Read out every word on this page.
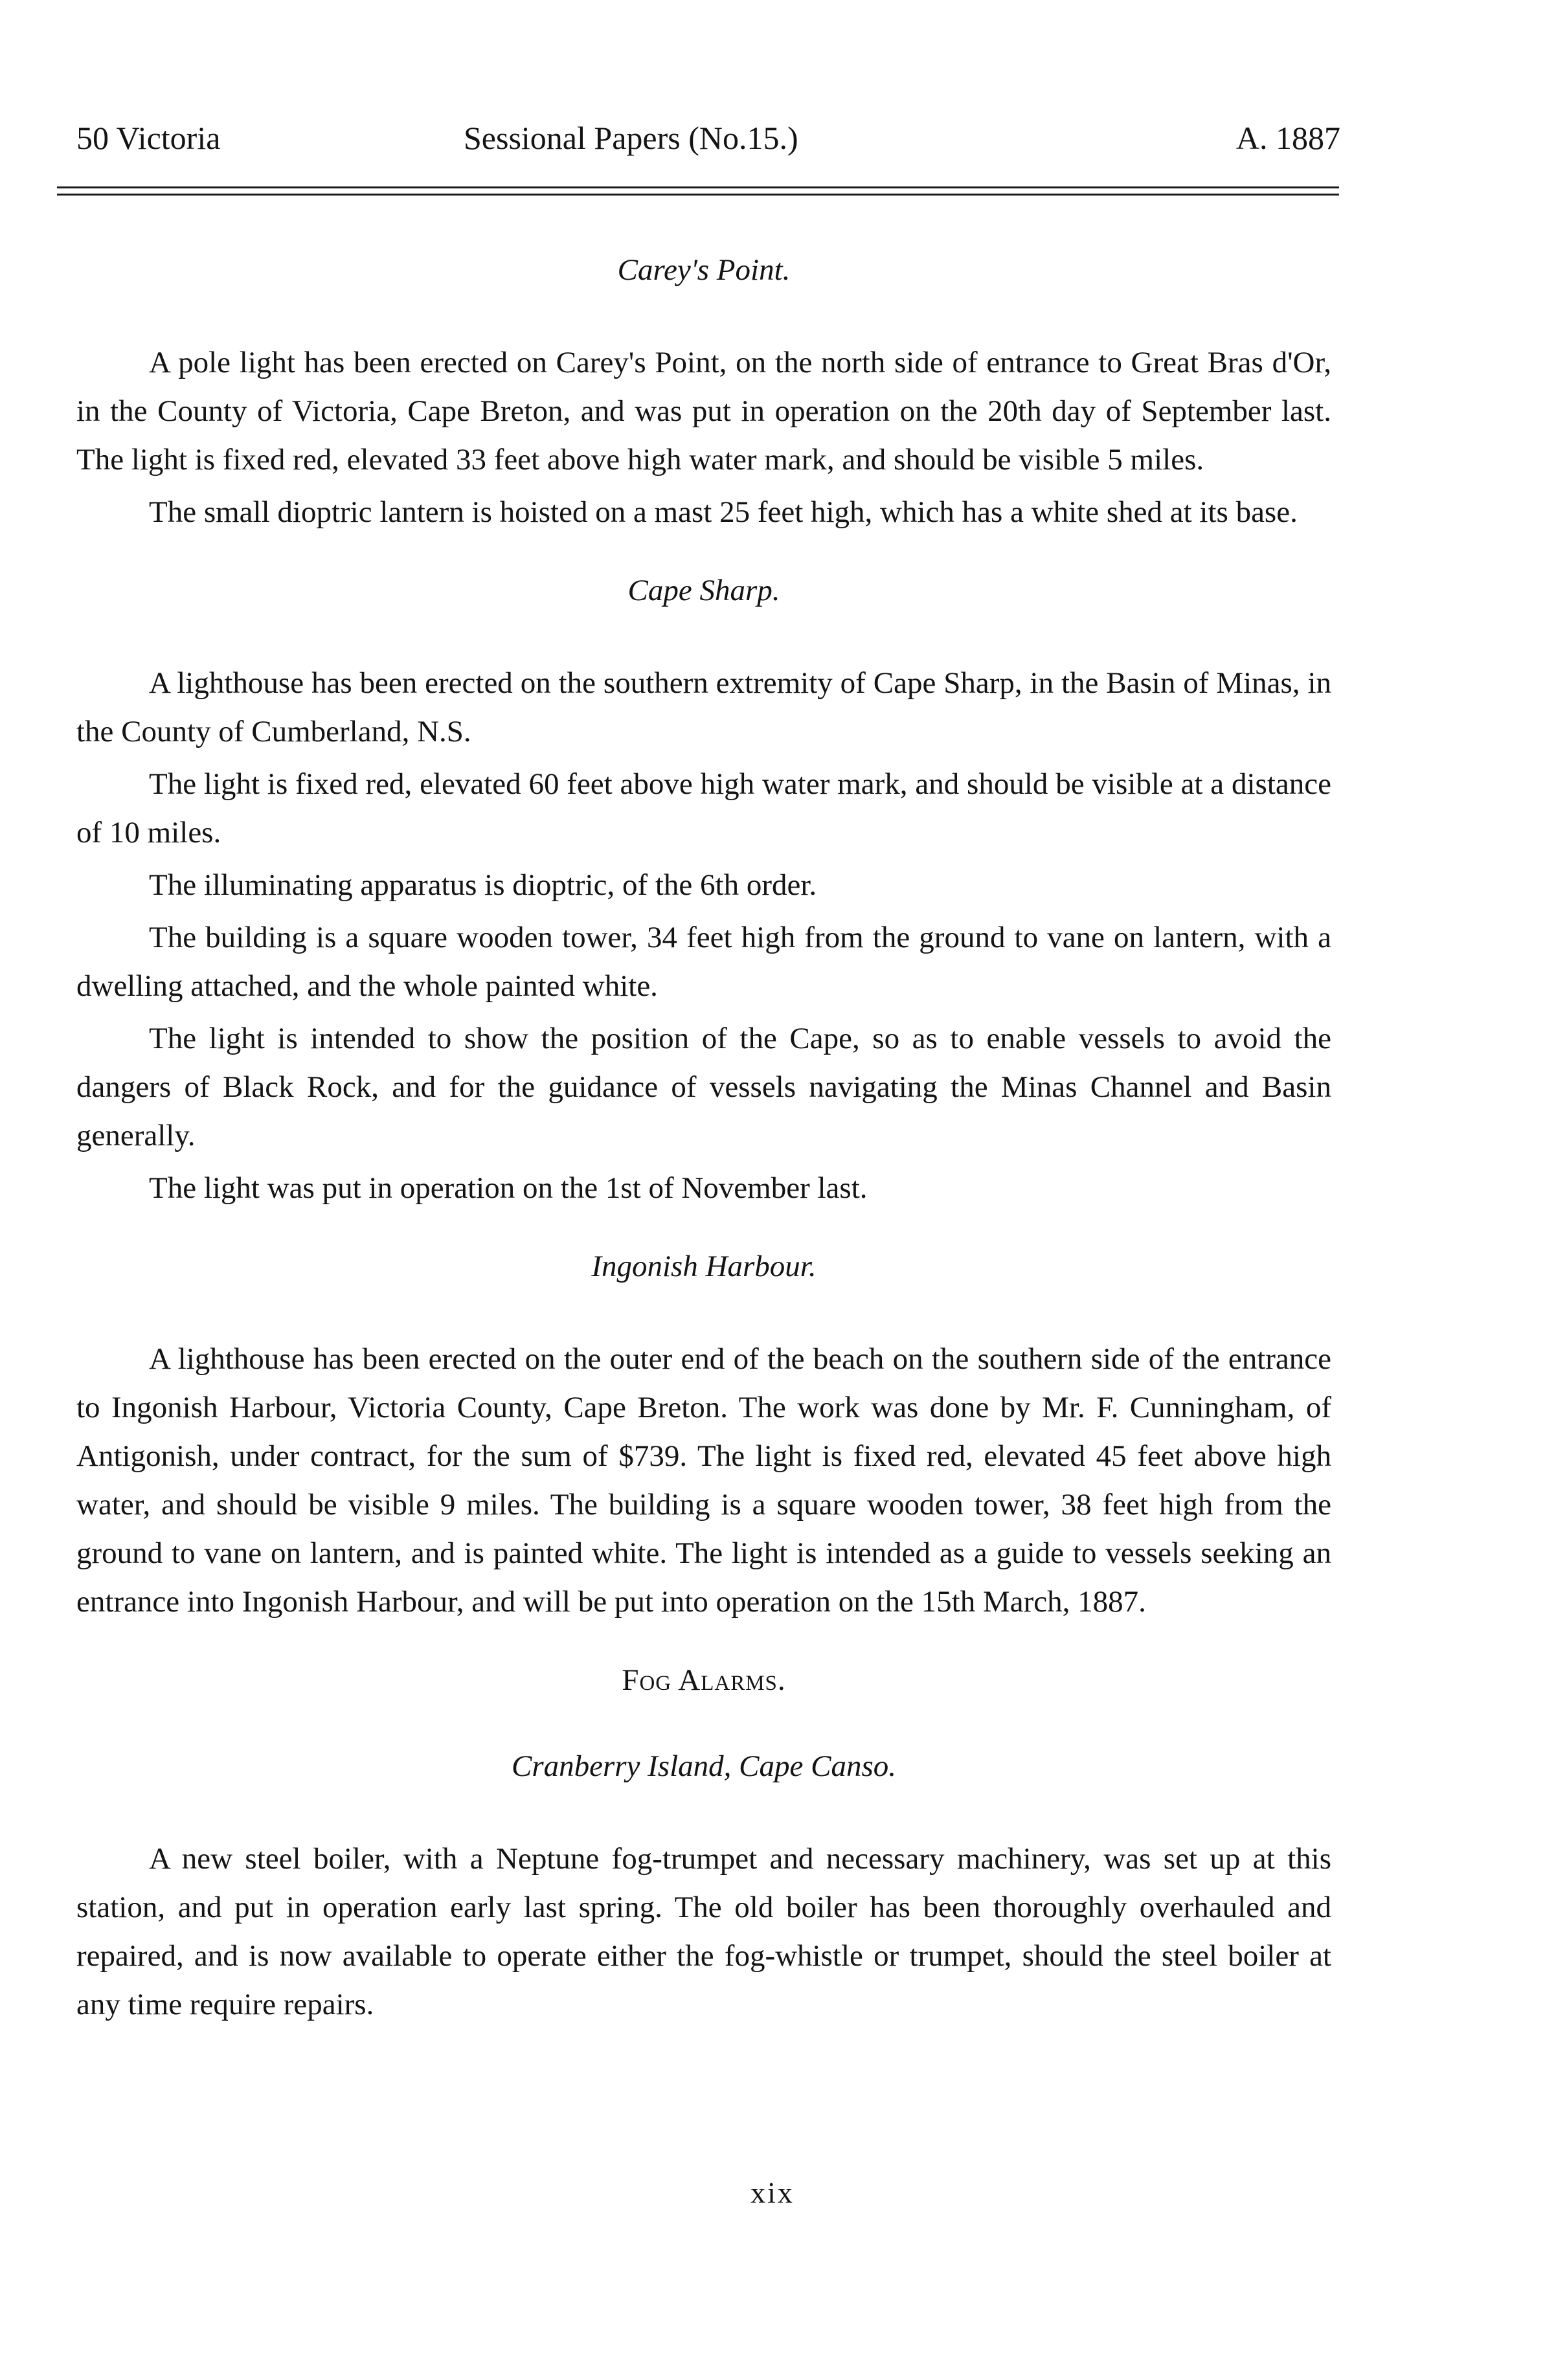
50 Victoria	Sessional Papers (No.15.)	A. 1887

Carey's Point.

A pole light has been erected on Carey's Point, on the north side of entrance to Great Bras d'Or, in the County of Victoria, Cape Breton, and was put in operation on the 20th day of September last. The light is fixed red, elevated 33 feet above high water mark, and should be visible 5 miles.

The small dioptric lantern is hoisted on a mast 25 feet high, which has a white shed at its base.

Cape Sharp.

A lighthouse has been erected on the southern extremity of Cape Sharp, in the Basin of Minas, in the County of Cumberland, N.S.

The light is fixed red, elevated 60 feet above high water mark, and should be visible at a distance of 10 miles.

The illuminating apparatus is dioptric, of the 6th order.

The building is a square wooden tower, 34 feet high from the ground to vane on lantern, with a dwelling attached, and the whole painted white.

The light is intended to show the position of the Cape, so as to enable vessels to avoid the dangers of Black Rock, and for the guidance of vessels navigating the Minas Channel and Basin generally.

The light was put in operation on the 1st of November last.

Ingonish Harbour.

A lighthouse has been erected on the outer end of the beach on the southern side of the entrance to Ingonish Harbour, Victoria County, Cape Breton. The work was done by Mr. F. Cunningham, of Antigonish, under contract, for the sum of $739. The light is fixed red, elevated 45 feet above high water, and should be visible 9 miles. The building is a square wooden tower, 38 feet high from the ground to vane on lantern, and is painted white. The light is intended as a guide to vessels seeking an entrance into Ingonish Harbour, and will be put into operation on the 15th March, 1887.

Fog Alarms.

Cranberry Island, Cape Canso.

A new steel boiler, with a Neptune fog-trumpet and necessary machinery, was set up at this station, and put in operation early last spring. The old boiler has been thoroughly overhauled and repaired, and is now available to operate either the fog-whistle or trumpet, should the steel boiler at any time require repairs.

xix
